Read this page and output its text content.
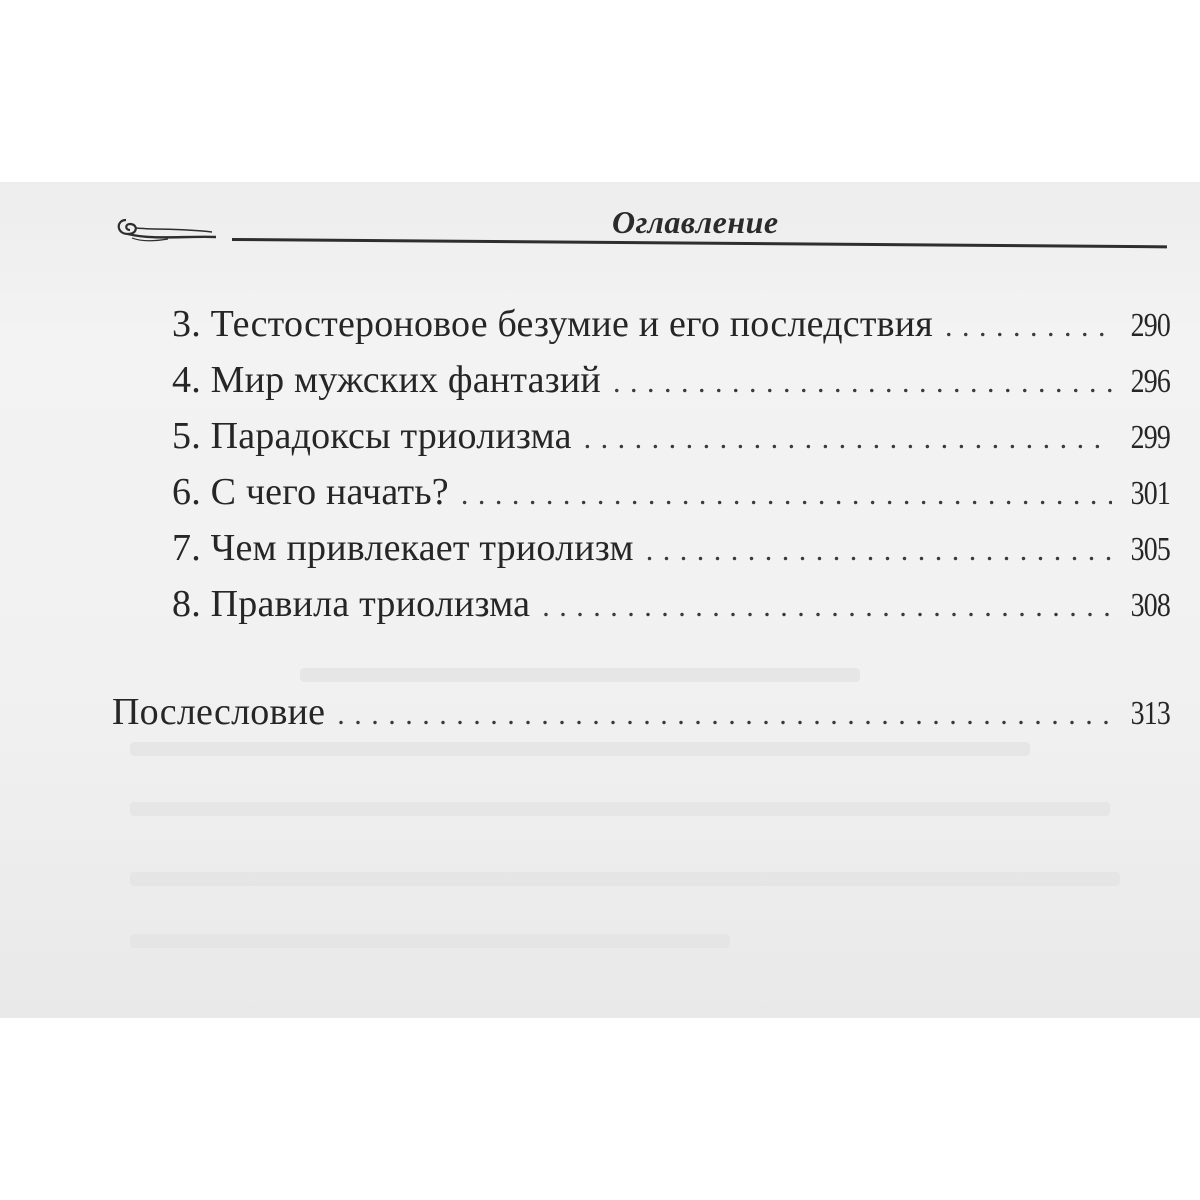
Оглавление
3. Тестостероновое безумие и его последствия . . .	290
4. Мир мужских фантазий . . .	296
5. Парадоксы триолизма . . .	299
6. С чего начать? . . .	301
7. Чем привлекает триолизм . . .	305
8. Правила триолизма . . .	308
Послесловие . . .	313
